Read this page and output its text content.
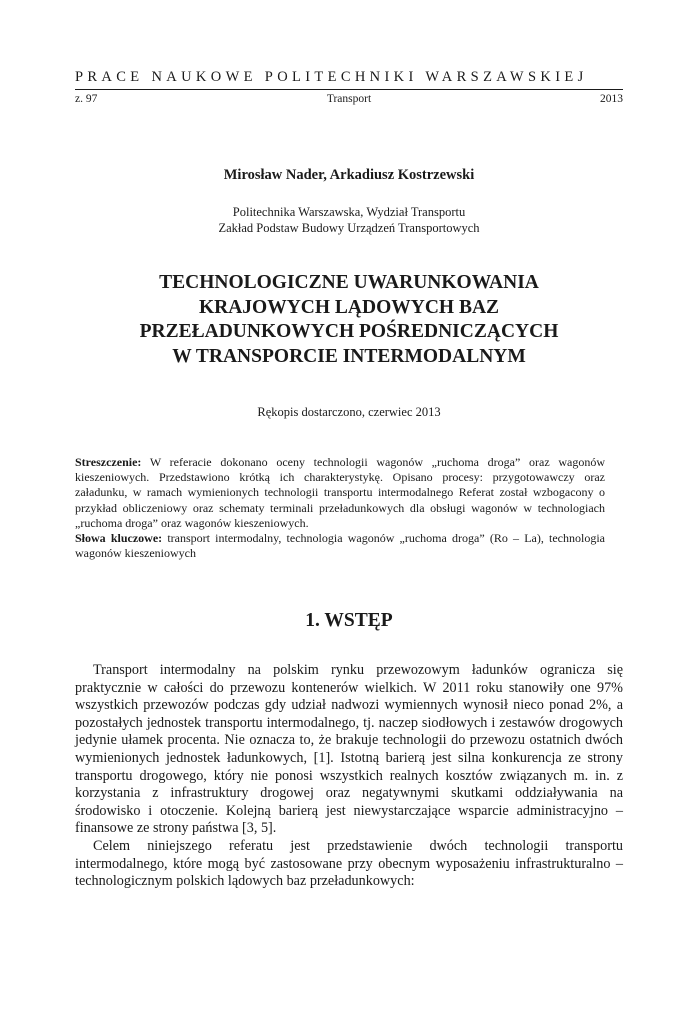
PRACE NAUKOWE POLITECHNIKI WARSZAWSKIEJ
z. 97	Transport	2013
Mirosław Nader, Arkadiusz Kostrzewski
Politechnika Warszawska, Wydział Transportu
Zakład Podstaw Budowy Urządzeń Transportowych
TECHNOLOGICZNE UWARUNKOWANIA
KRAJOWYCH LĄDOWYCH BAZ
PRZEŁADUNKOWYCH POŚREDNICZĄCYCH
W TRANSPORCIE INTERMODALNYM
Rękopis dostarczono, czerwiec 2013

Streszczenie: W referacie dokonano oceny technologii wagonów „ruchoma droga” oraz wagonów kieszeniowych. Przedstawiono krótką ich charakterystykę. Opisano procesy: przygotowawczy oraz załadunku, w ramach wymienionych technologii transportu intermodalnego Referat został wzbogacony o przykład obliczeniowy oraz schematy terminali przeładunkowych dla obsługi wagonów w technologiach „ruchoma droga” oraz wagonów kieszeniowych.

Słowa kluczowe: transport intermodalny, technologia wagonów „ruchoma droga” (Ro – La), technologia wagonów kieszeniowych

1. WSTĘP

Transport intermodalny na polskim rynku przewozowym ładunków ogranicza się praktycznie w całości do przewozu kontenerów wielkich. W 2011 roku stanowiły one 97% wszystkich przewozów podczas gdy udział nadwozi wymiennych wynosił nieco ponad 2%, a pozostałych jednostek transportu intermodalnego, tj. naczep siodłowych i zestawów drogowych jedynie ułamek procenta. Nie oznacza to, że brakuje technologii do przewozu ostatnich dwóch wymienionych jednostek ładunkowych, [1]. Istotną barierą jest silna konkurencja ze strony transportu drogowego, który nie ponosi wszystkich realnych kosztów związanych m. in. z korzystania z infrastruktury drogowej oraz negatywnymi skutkami oddziaływania na środowisko i otoczenie. Kolejną barierą jest niewystarczające wsparcie administracyjno – finansowe ze strony państwa [3, 5].

Celem niniejszego referatu jest przedstawienie dwóch technologii transportu intermodalnego, które mogą być zastosowane przy obecnym wyposażeniu infrastrukturalno – technologicznym polskich lądowych baz przeładunkowych:
